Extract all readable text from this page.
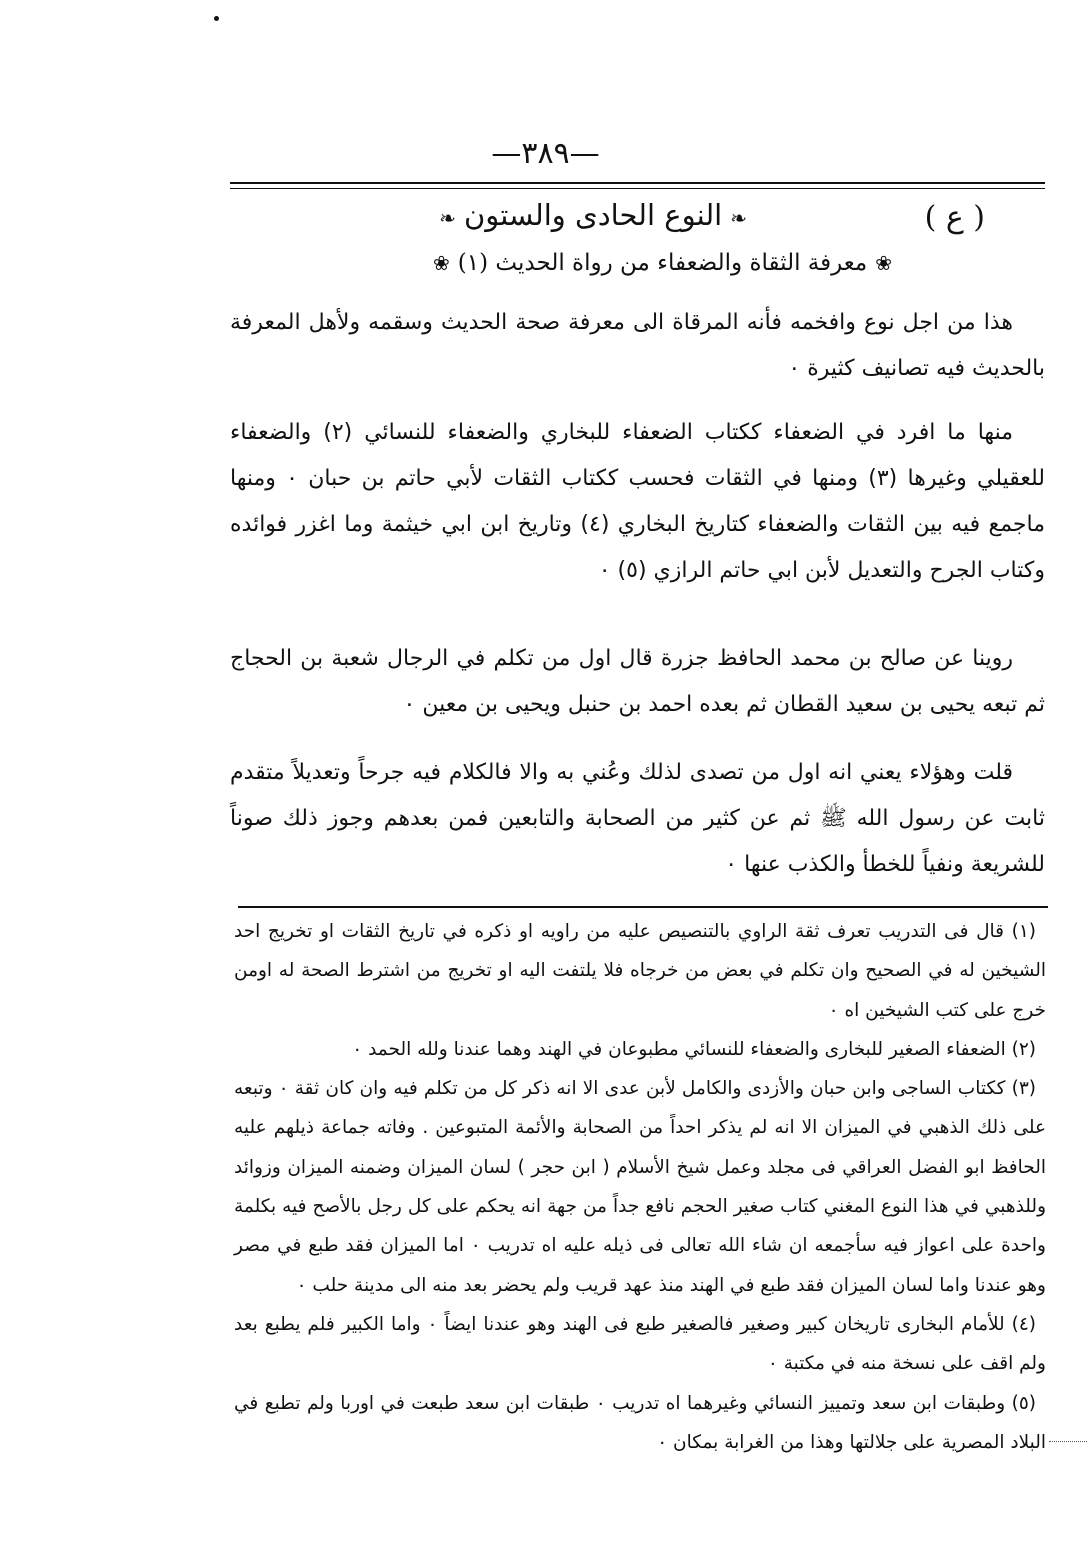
—٣٨٩—
( ع )
❧النوع الحادى والستون❧
❀معرفة الثقاة والضعفاء من رواة الحديث (١)❀

هذا من اجل نوع وافخمه فأنه المرقاة الى معرفة صحة الحديث وسقمه ولأهل المعرفة بالحديث فيه تصانيف كثيرة ٠

منها ما افرد في الضعفاء ككتاب الضعفاء للبخاري والضعفاء للنسائي (٢) والضعفاء للعقيلي وغيرها (٣) ومنها في الثقات فحسب ككتاب الثقات لأبي حاتم بن حبان ٠ ومنها ماجمع فيه بين الثقات والضعفاء كتاريخ البخاري (٤) وتاريخ ابن ابي خيثمة وما اغزر فوائده وكتاب الجرح والتعديل لأبن ابي حاتم الرازي (٥) ٠

روينا عن صالح بن محمد الحافظ جزرة قال اول من تكلم في الرجال شعبة بن الحجاج ثم تبعه يحيى بن سعيد القطان ثم بعده احمد بن حنبل ويحيى بن معين ٠

قلت وهؤلاء يعني انه اول من تصدى لذلك وعُني به والا فالكلام فيه جرحاً وتعديلاً متقدم ثابت عن رسول الله ﷺ ثم عن كثير من الصحابة والتابعين فمن بعدهم وجوز ذلك صوناً للشريعة ونفياً للخطأ والكذب عنها ٠

(١) قال فى التدريب تعرف ثقة الراوي بالتنصيص عليه من راويه او ذكره في تاريخ الثقات او تخريج احد الشيخين له في الصحيح وان تكلم في بعض من خرجاه فلا يلتفت اليه او تخريج من اشترط الصحة له اومن خرج على كتب الشيخين اه ٠

(٢) الضعفاء الصغير للبخارى والضعفاء للنسائي مطبوعان في الهند وهما عندنا ولله الحمد ٠

(٣) ككتاب الساجى وابن حبان والأزدى والكامل لأبن عدى الا انه ذكر كل من تكلم فيه وان كان ثقة ٠ وتبعه على ذلك الذهبي في الميزان الا انه لم يذكر احداً من الصحابة والأئمة المتبوعين . وفاته جماعة ذيلهم عليه الحافظ ابو الفضل العراقي فى مجلد وعمل شيخ الأسلام ( ابن حجر ) لسان الميزان وضمنه الميزان وزوائد وللذهبي في هذا النوع المغني كتاب صغير الحجم نافع جداً من جهة انه يحكم على كل رجل بالأصح فيه بكلمة واحدة على اعواز فيه سأجمعه ان شاء الله تعالى فى ذيله عليه اه تدريب ٠ اما الميزان فقد طبع في مصر وهو عندنا واما لسان الميزان فقد طبع في الهند منذ عهد قريب ولم يحضر بعد منه الى مدينة حلب ٠

(٤) للأمام البخارى تاريخان كبير وصغير فالصغير طبع فى الهند وهو عندنا ايضاً ٠ واما الكبير فلم يطبع بعد ولم اقف على نسخة منه في مكتبة ٠

(٥) وطبقات ابن سعد وتمييز النسائي وغيرهما اه تدريب ٠ طبقات ابن سعد طبعت في اوربا ولم تطبع في البلاد المصرية على جلالتها وهذا من الغرابة بمكان ٠
